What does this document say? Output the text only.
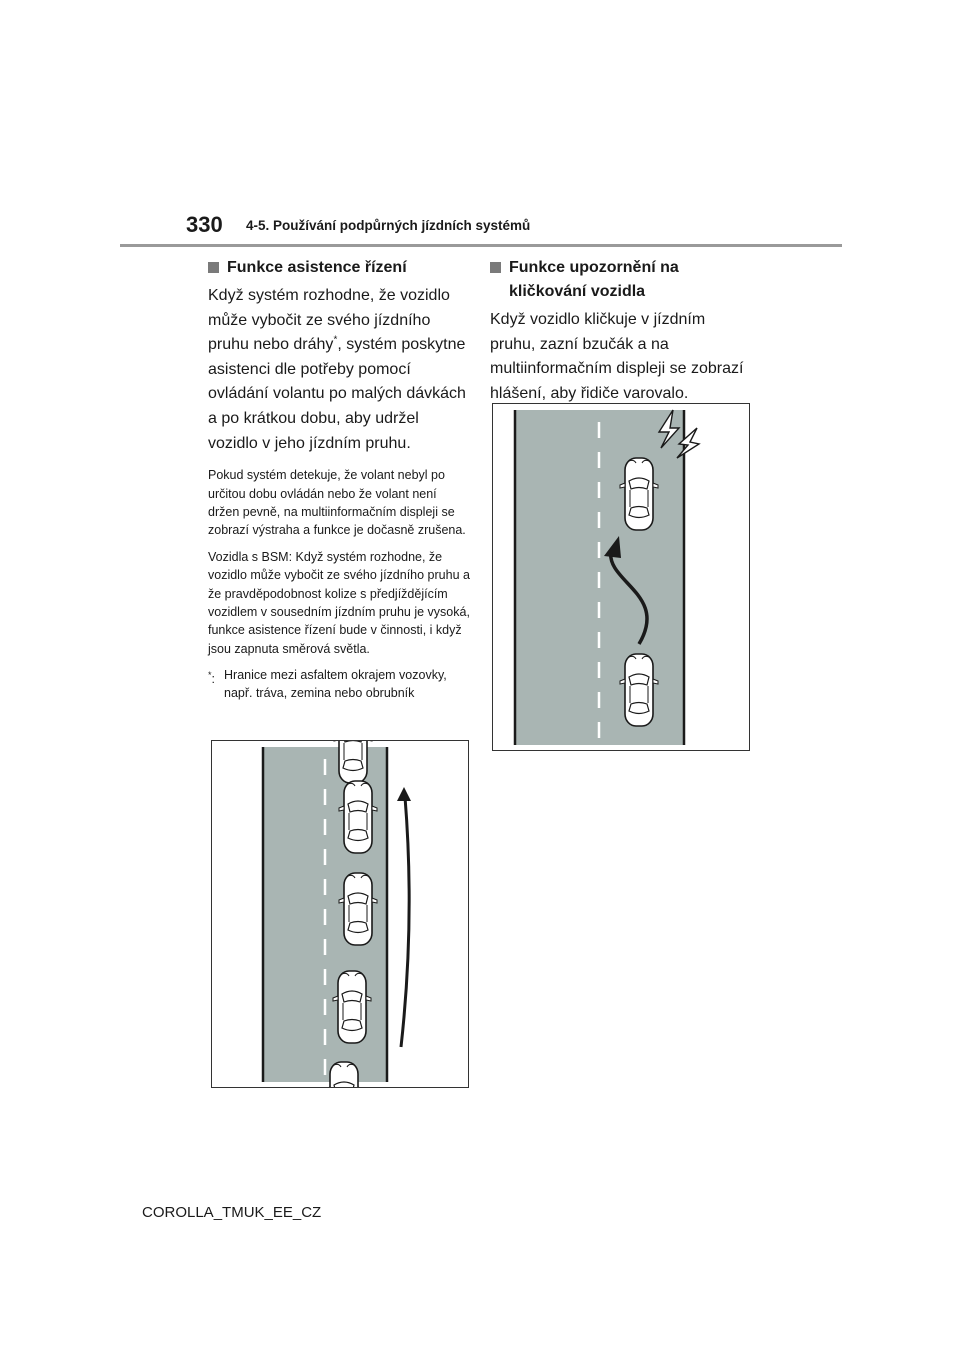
330 4-5. Používání podpůrných jízdních systémů
Funkce asistence řízení

Když systém rozhodne, že vozidlo může vybočit ze svého jízdního pruhu nebo dráhy*, systém poskytne asistenci dle potřeby pomocí ovládání volantu po malých dávkách a po krátkou dobu, aby udržel vozidlo v jeho jízdním pruhu.

Pokud systém detekuje, že volant nebyl po určitou dobu ovládán nebo že volant není držen pevně, na multiinformačním displeji se zobrazí výstraha a funkce je dočasně zrušena.

Vozidla s BSM: Když systém rozhodne, že vozidlo může vybočit ze svého jízdního pruhu a že pravděpodobnost kolize s předjíždějícím vozidlem v sousedním jízdním pruhu je vysoká, funkce asistence řízení bude v činnosti, i když jsou zapnuta směrová světla.

*: Hranice mezi asfaltem okrajem vozovky, např. tráva, zemina nebo obrubník
Funkce upozornění na kličkování vozidla

Když vozidlo kličkuje v jízdním pruhu, zazní bzučák a na multiinformačním displeji se zobrazí hlášení, aby řidiče varovalo.

COROLLA_TMUK_EE_CZ
